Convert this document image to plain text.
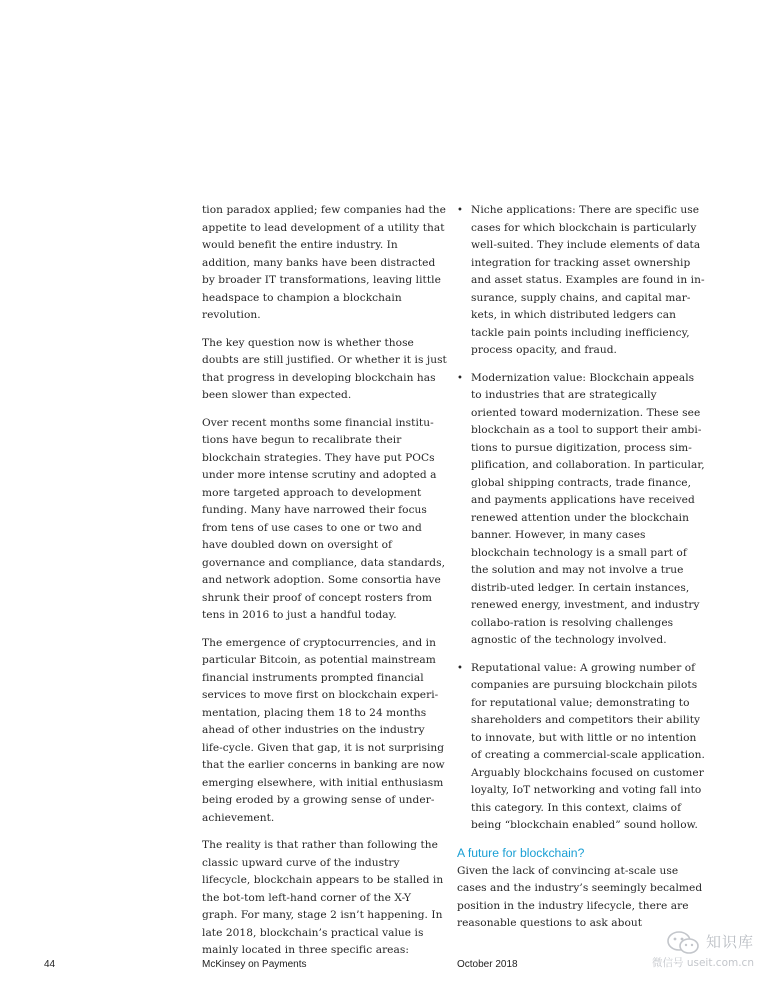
tion paradox applied; few companies had the appetite to lead development of a utility that would benefit the entire industry. In addition, many banks have been distracted by broader IT transformations, leaving little headspace to champion a blockchain revolution.

The key question now is whether those doubts are still justified. Or whether it is just that progress in developing blockchain has been slower than expected.

Over recent months some financial institu-tions have begun to recalibrate their blockchain strategies. They have put POCs under more intense scrutiny and adopted a more targeted approach to development funding. Many have narrowed their focus from tens of use cases to one or two and have doubled down on oversight of governance and compliance, data standards, and network adoption. Some consortia have shrunk their proof of concept rosters from tens in 2016 to just a handful today.

The emergence of cryptocurrencies, and in particular Bitcoin, as potential mainstream financial instruments prompted financial services to move first on blockchain experi-mentation, placing them 18 to 24 months ahead of other industries on the industry life-cycle. Given that gap, it is not surprising that the earlier concerns in banking are now emerging elsewhere, with initial enthusiasm being eroded by a growing sense of under-achievement.

The reality is that rather than following the classic upward curve of the industry lifecycle, blockchain appears to be stalled in the bot-tom left-hand corner of the X-Y graph. For many, stage 2 isn’t happening. In late 2018, blockchain’s practical value is mainly located in three specific areas:

• Niche applications: There are specific use cases for which blockchain is particularly well-suited. They include elements of data integration for tracking asset ownership and asset status. Examples are found in in-surance, supply chains, and capital mar-kets, in which distributed ledgers can tackle pain points including inefficiency, process opacity, and fraud.
• Modernization value: Blockchain appeals to industries that are strategically oriented toward modernization. These see blockchain as a tool to support their ambi-tions to pursue digitization, process sim-plification, and collaboration. In particular, global shipping contracts, trade finance, and payments applications have received renewed attention under the blockchain banner. However, in many cases blockchain technology is a small part of the solution and may not involve a true distrib-uted ledger. In certain instances, renewed energy, investment, and industry collabo-ration is resolving challenges agnostic of the technology involved.
• Reputational value: A growing number of companies are pursuing blockchain pilots for reputational value; demonstrating to shareholders and competitors their ability to innovate, but with little or no intention of creating a commercial-scale application. Arguably blockchains focused on customer loyalty, IoT networking and voting fall into this category. In this context, claims of being “blockchain enabled” sound hollow.
A future for blockchain?

Given the lack of convincing at-scale use cases and the industry’s seemingly becalmed position in the industry lifecycle, there are reasonable questions to ask about

44	McKinsey on Payments	October 2018
知识库
微信号 useit.com.cn
